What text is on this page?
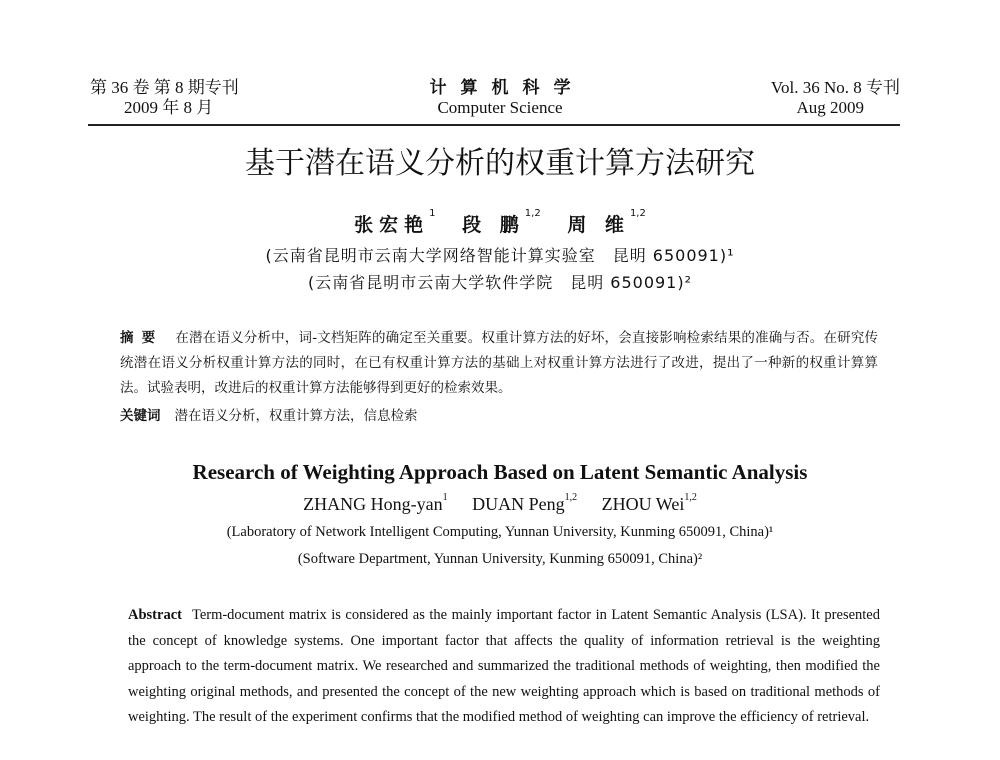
第 36 卷 第 8 期专刊
2009 年 8 月
计算机科学
Computer Science
Vol. 36 No. 8 专刊
Aug 2009
基于潜在语义分析的权重计算方法研究
张宏艳$^1$ 段 鹏$^{1,2}$ 周 维$^{1,2}$
(云南省昆明市云南大学网络智能计算实验室　昆明 650091)¹
(云南省昆明市云南大学软件学院　昆明 650091)²
摘要 在潜在语义分析中，词-文档矩阵的确定至关重要。权重计算方法的好坏，会直接影响检索结果的准确与否。在研究传统潜在语义分析权重计算方法的同时，在已有权重计算方法的基础上对权重计算方法进行了改进，提出了一种新的权重计算算法。试验表明，改进后的权重计算方法能够得到更好的检索效果。
关键词 潜在语义分析，权重计算方法，信息检索
Research of Weighting Approach Based on Latent Semantic Analysis
ZHANG Hong-yan$^1$ DUAN Peng$^{1,2}$ ZHOU Wei$^{1,2}$
(Laboratory of Network Intelligent Computing, Yunnan University, Kunming 650091, China)¹
(Software Department, Yunnan University, Kunming 650091, China)²
Abstract Term-document matrix is considered as the mainly important factor in Latent Semantic Analysis (LSA). It presented the concept of knowledge systems. One important factor that affects the quality of information retrieval is the weighting approach to the term-document matrix. We researched and summarized the traditional methods of weighting, then modified the weighting original methods, and presented the concept of the new weighting approach which is based on traditional methods of weighting. The result of the experiment confirms that the modified method of weighting can improve the efficiency of retrieval.
